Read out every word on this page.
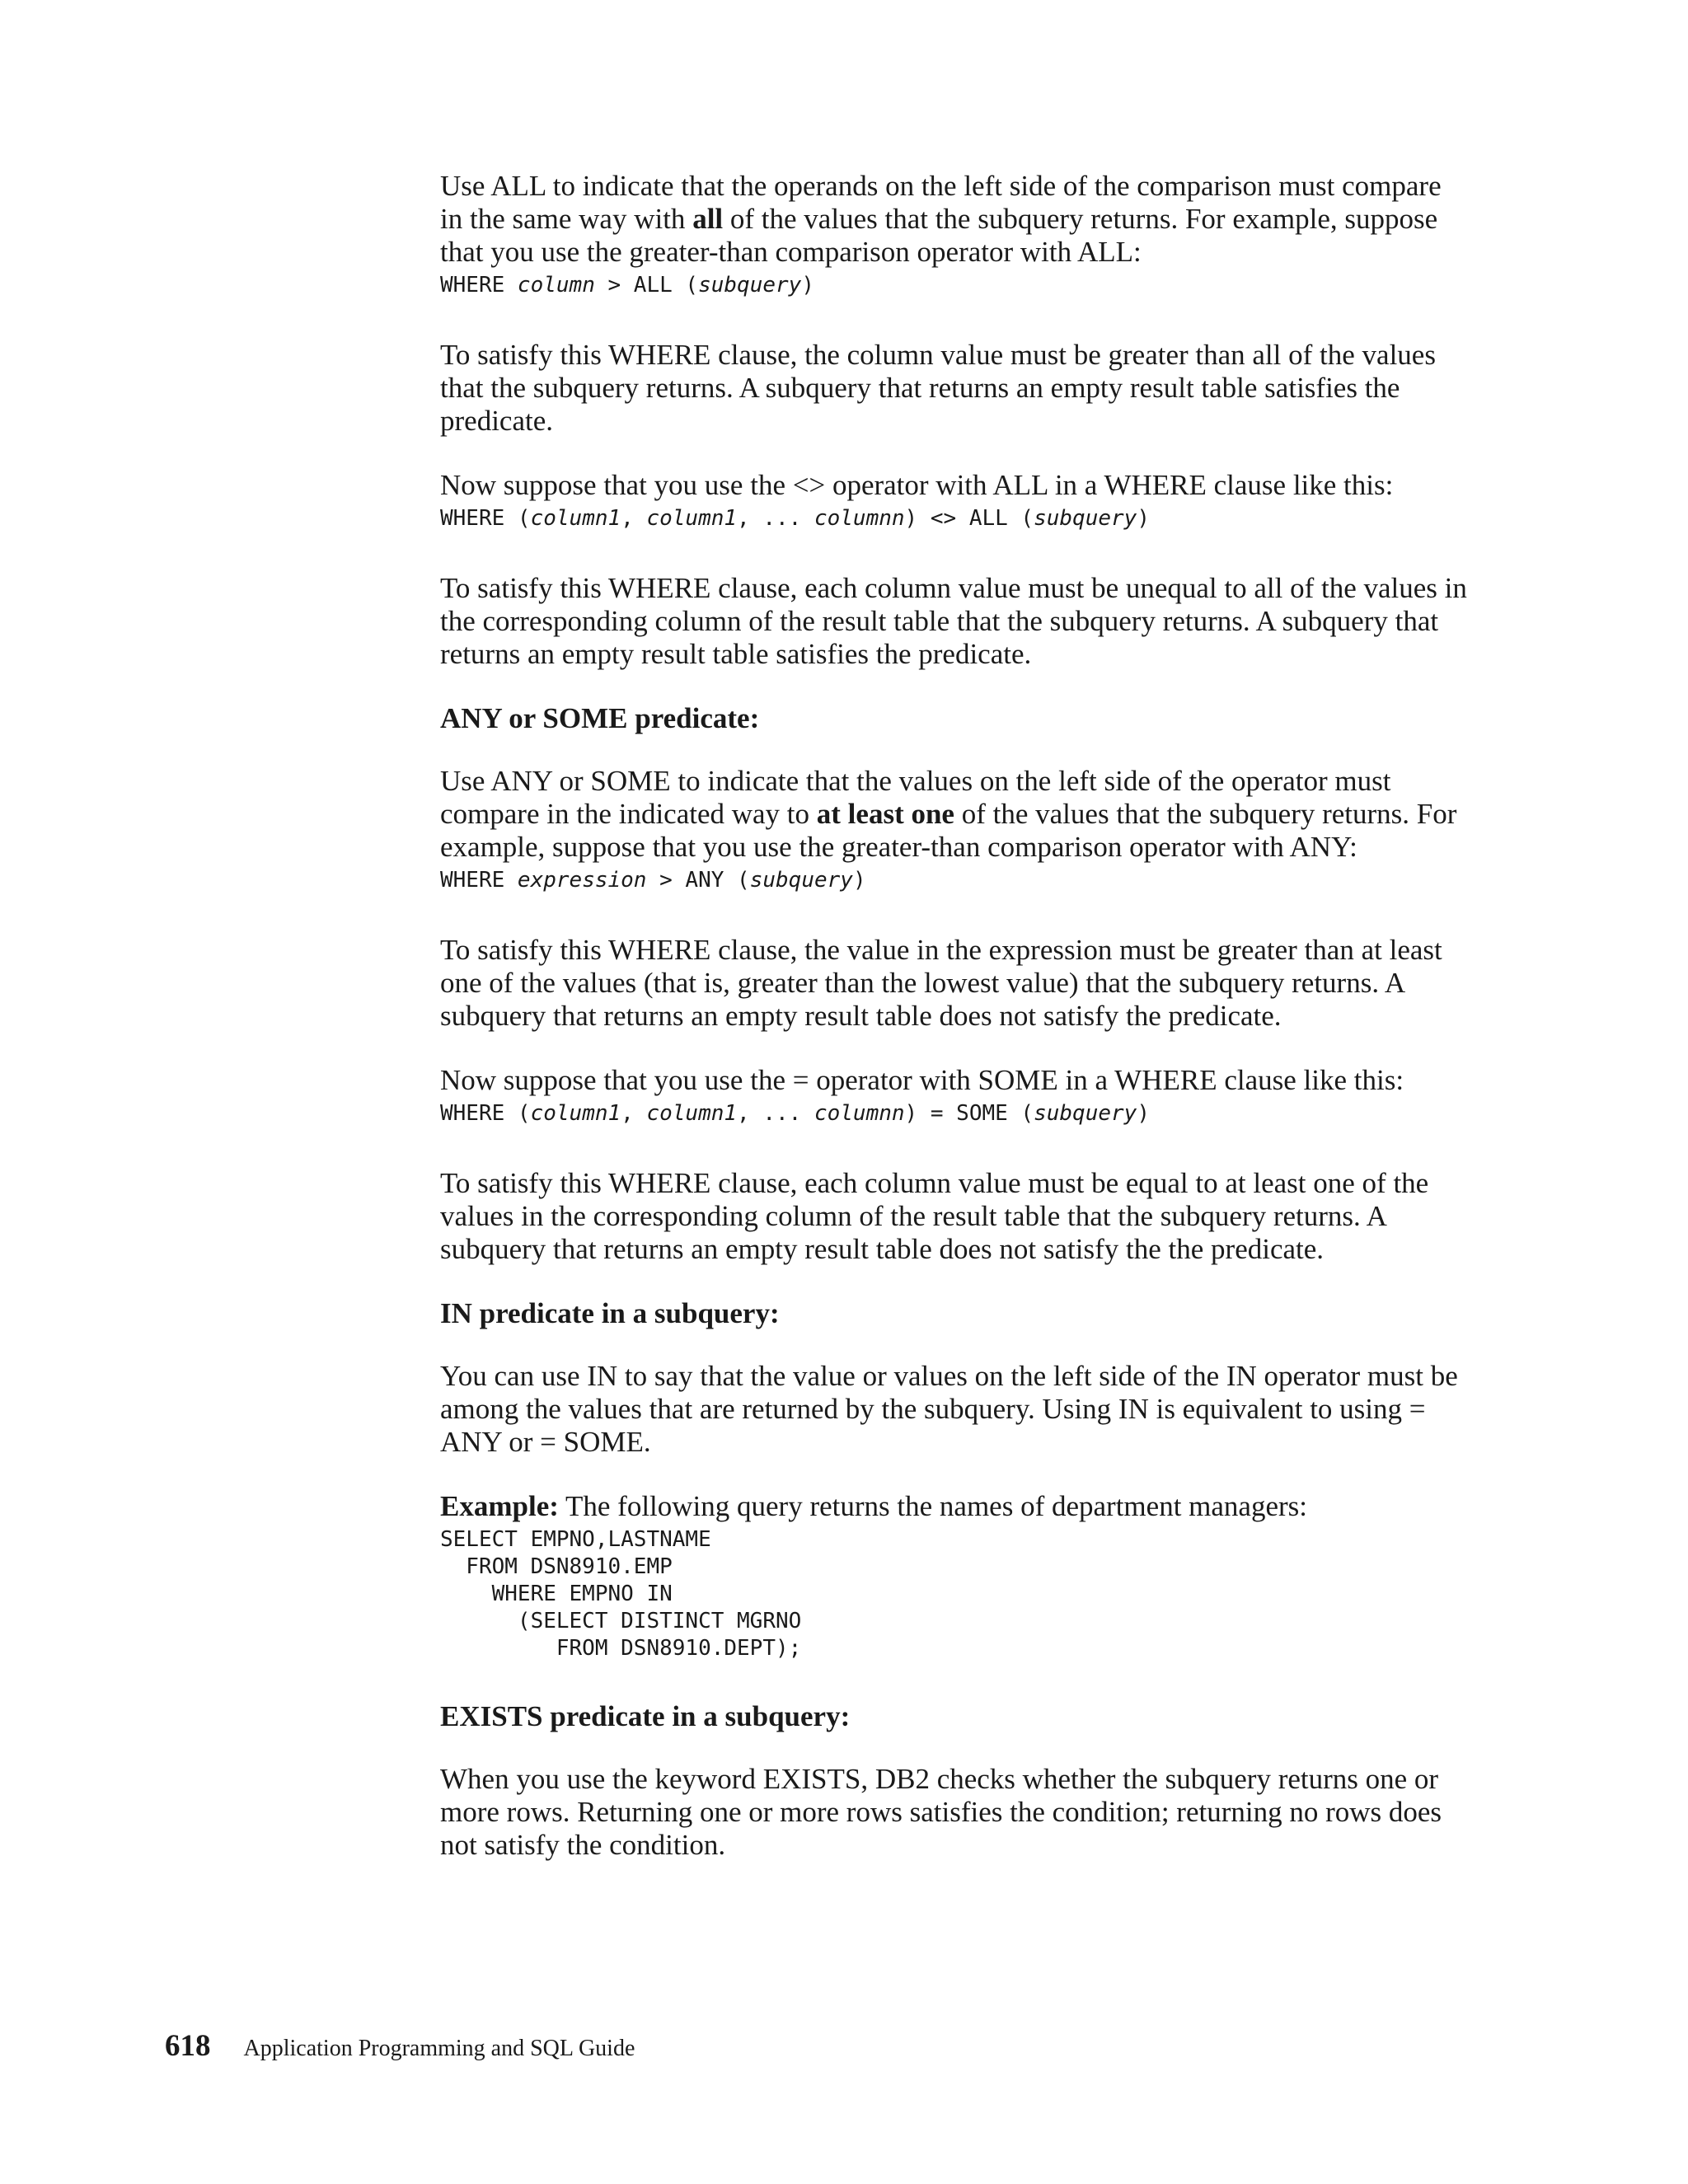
Use ALL to indicate that the operands on the left side of the comparison must compare in the same way with all of the values that the subquery returns. For example, suppose that you use the greater-than comparison operator with ALL:

WHERE column > ALL (subquery)

To satisfy this WHERE clause, the column value must be greater than all of the values that the subquery returns. A subquery that returns an empty result table satisfies the predicate.

Now suppose that you use the <> operator with ALL in a WHERE clause like this:

WHERE (column1, column1, ... columnn) <> ALL (subquery)

To satisfy this WHERE clause, each column value must be unequal to all of the values in the corresponding column of the result table that the subquery returns. A subquery that returns an empty result table satisfies the predicate.

ANY or SOME predicate:

Use ANY or SOME to indicate that the values on the left side of the operator must compare in the indicated way to at least one of the values that the subquery returns. For example, suppose that you use the greater-than comparison operator with ANY:

WHERE expression > ANY (subquery)

To satisfy this WHERE clause, the value in the expression must be greater than at least one of the values (that is, greater than the lowest value) that the subquery returns. A subquery that returns an empty result table does not satisfy the predicate.

Now suppose that you use the = operator with SOME in a WHERE clause like this:

WHERE (column1, column1, ... columnn) = SOME (subquery)

To satisfy this WHERE clause, each column value must be equal to at least one of the values in the corresponding column of the result table that the subquery returns. A subquery that returns an empty result table does not satisfy the the predicate.

IN predicate in a subquery:

You can use IN to say that the value or values on the left side of the IN operator must be among the values that are returned by the subquery. Using IN is equivalent to using = ANY or = SOME.

Example: The following query returns the names of department managers:

SELECT EMPNO,LASTNAME
FROM DSN8910.EMP
WHERE EMPNO IN
(SELECT DISTINCT MGRNO
FROM DSN8910.DEPT);

EXISTS predicate in a subquery:

When you use the keyword EXISTS, DB2 checks whether the subquery returns one or more rows. Returning one or more rows satisfies the condition; returning no rows does not satisfy the condition.

618 Application Programming and SQL Guide
